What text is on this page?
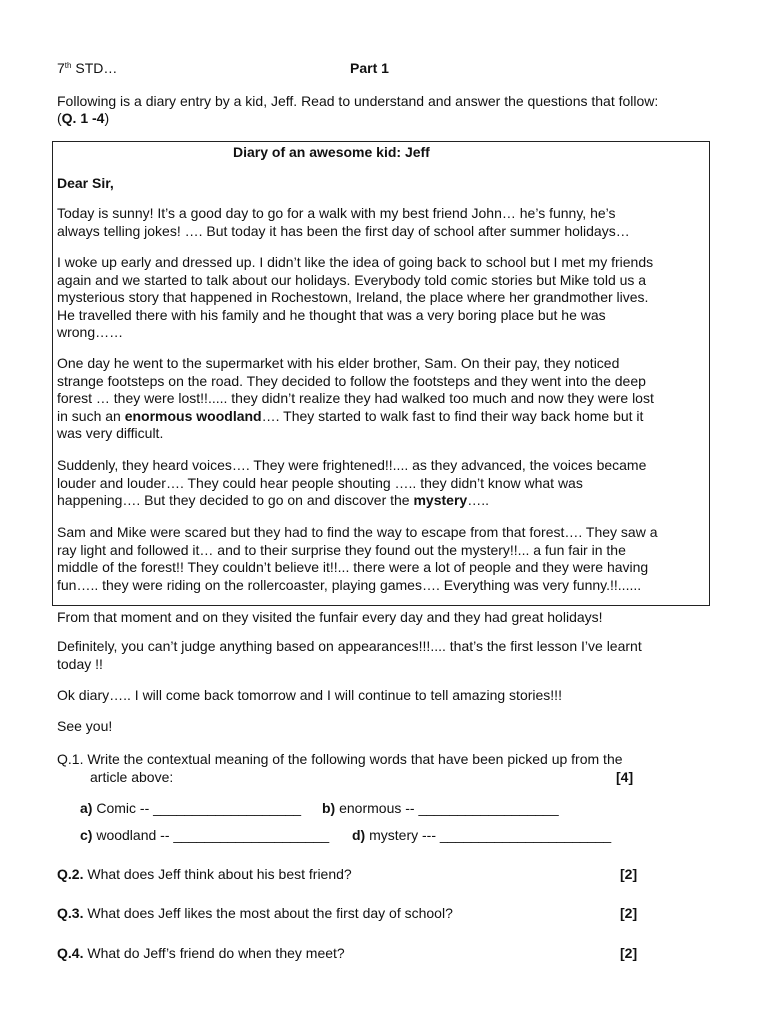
7th STD…	Part 1
Following is a diary entry by a kid, Jeff. Read to understand and answer the questions that follow:
(Q. 1 -4)
Diary of an awesome kid: Jeff
Dear Sir,
Today is sunny! It’s a good day to go for a walk with my best friend John… he’s funny, he’s
always telling jokes! …. But today it has been the first day of school after summer holidays…
I woke up early and dressed up. I didn’t like the idea of going back to school but I met my friends
again and we started to talk about our holidays. Everybody told comic stories but Mike told us a
mysterious story that happened in Rochestown, Ireland, the place where her grandmother lives.
He travelled there with his family and he thought that was a very boring place but he was
wrong……
One day he went to the supermarket with his elder brother, Sam. On their pay, they noticed
strange footsteps on the road. They decided to follow the footsteps and they went into the deep
forest … they were lost!!..... they didn’t realize they had walked too much and now they were lost
in such an enormous woodland…. They started to walk fast to find their way back home but it
was very difficult.
Suddenly, they heard voices…. They were frightened!!.... as they advanced, the voices became
louder and louder…. They could hear people shouting ….. they didn’t know what was
happening…. But they decided to go on and discover the mystery…..
Sam and Mike were scared but they had to find the way to escape from that forest…. They saw a
ray light and followed it… and to their surprise they found out the mystery!!... a fun fair in the
middle of the forest!! They couldn’t believe it!!... there were a lot of people and they were having
fun….. they were riding on the rollercoaster, playing games…. Everything was very funny.!!......
From that moment and on they visited the funfair every day and they had great holidays!
Definitely, you can’t judge anything based on appearances!!!.... that’s the first lesson I’ve learnt
today !!
Ok diary….. I will come back tomorrow and I will continue to tell amazing stories!!!
See you!
Q.1. Write the contextual meaning of the following words that have been picked up from the
article above:	[4]
a) Comic -- ___________________ b) enormous -- __________________
c) woodland -- ____________________ d) mystery --- ______________________
Q.2. What does Jeff think about his best friend?	[2]
Q.3. What does Jeff likes the most about the first day of school?	[2]
Q.4. What do Jeff’s friend do when they meet?	[2]
